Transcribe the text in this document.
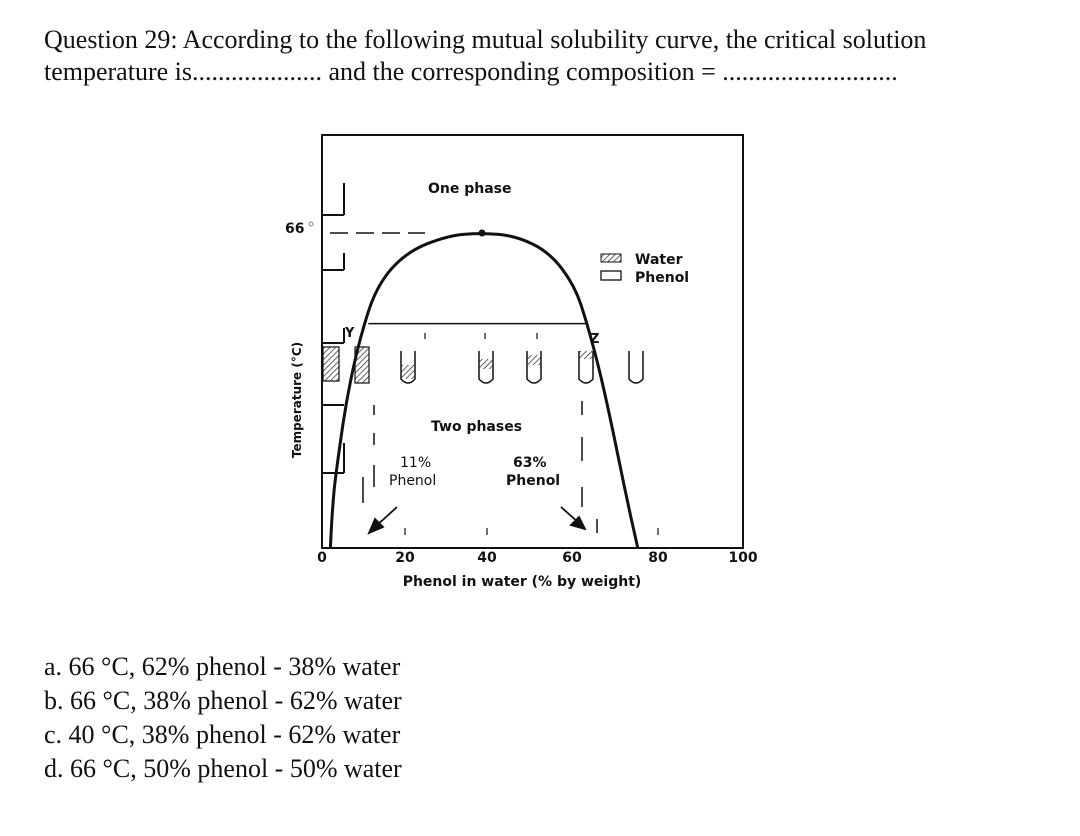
Question 29: According to the following mutual solubility curve, the critical solution
temperature is.................... and the corresponding composition = ...........................
One phase
Water
Phenol
66
Y	Z
Two phases
11%
Phenol
63%
Phenol
Temperature (°C)
0	20	40	60	80	100
Phenol in water (% by weight)
a. 66 °C, 62% phenol - 38% water
b. 66 °C, 38% phenol - 62% water
c. 40 °C, 38% phenol - 62% water
d. 66 °C, 50% phenol - 50% water
